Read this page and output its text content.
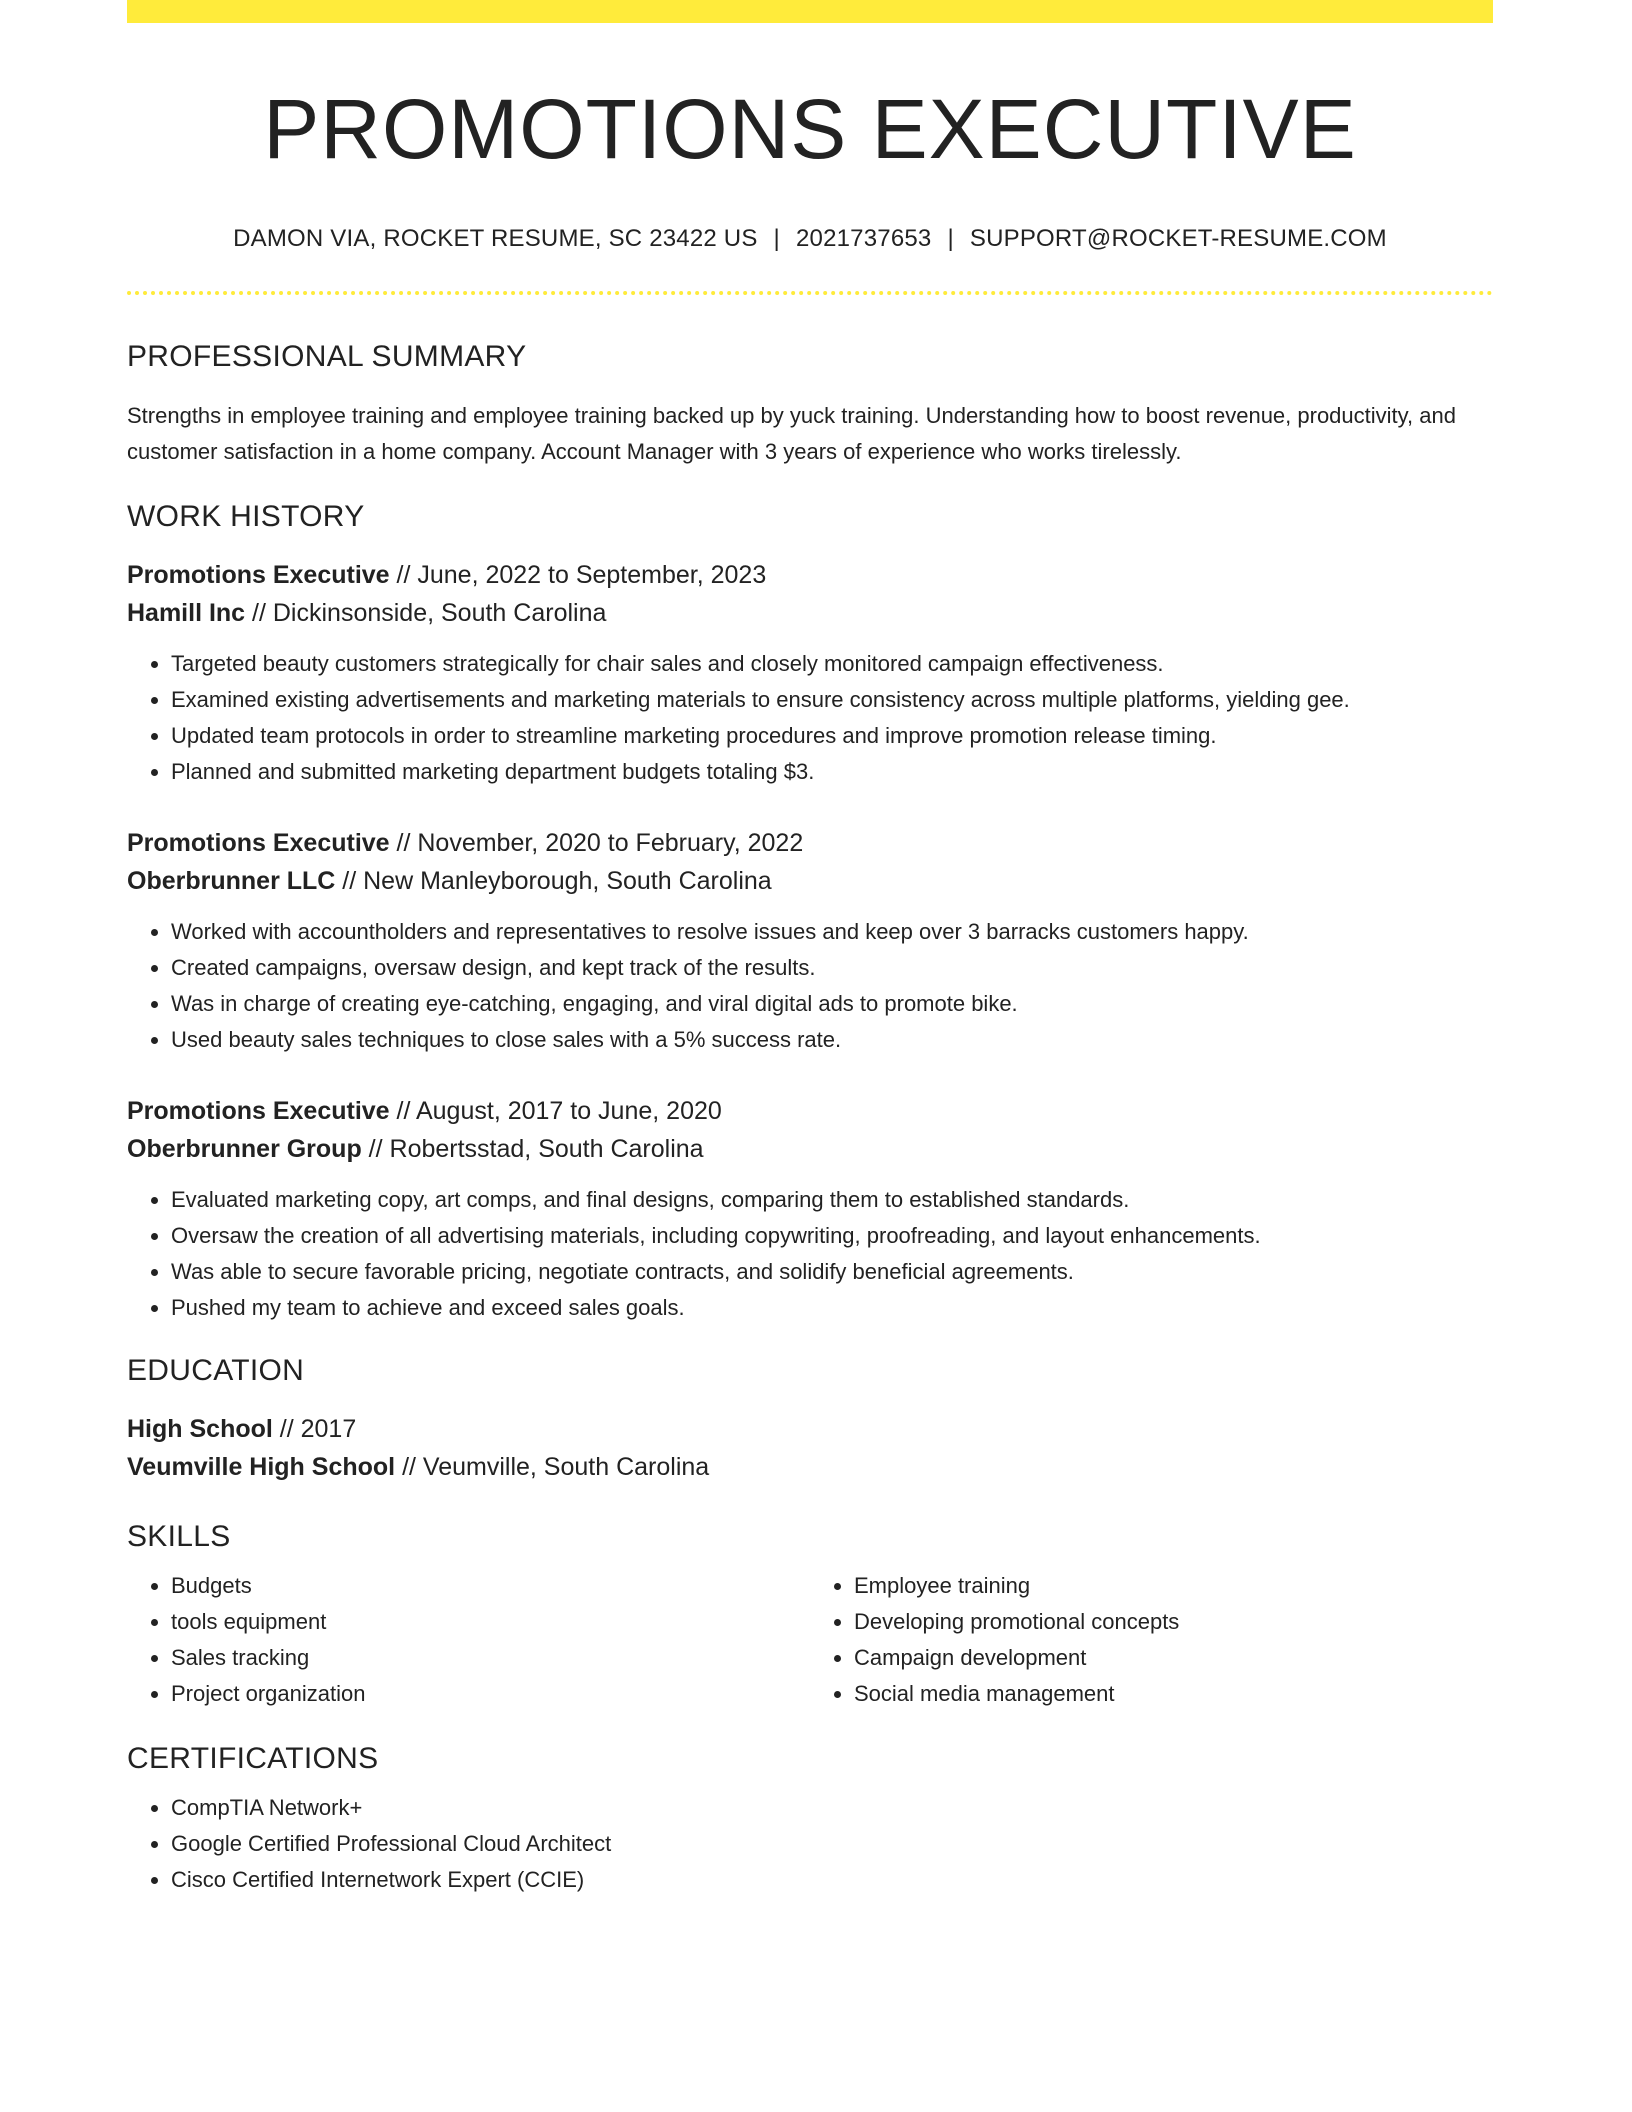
PROMOTIONS EXECUTIVE
DAMON VIA, ROCKET RESUME, SC 23422 US | 2021737653 | SUPPORT@ROCKET-RESUME.COM
PROFESSIONAL SUMMARY

Strengths in employee training and employee training backed up by yuck training. Understanding how to boost revenue, productivity, and customer satisfaction in a home company. Account Manager with 3 years of experience who works tirelessly.

WORK HISTORY
Promotions Executive // June, 2022 to September, 2023
Hamill Inc // Dickinsonside, South Carolina
• Targeted beauty customers strategically for chair sales and closely monitored campaign effectiveness.
• Examined existing advertisements and marketing materials to ensure consistency across multiple platforms, yielding gee.
• Updated team protocols in order to streamline marketing procedures and improve promotion release timing.
• Planned and submitted marketing department budgets totaling $3.
Promotions Executive // November, 2020 to February, 2022
Oberbrunner LLC // New Manleyborough, South Carolina
• Worked with accountholders and representatives to resolve issues and keep over 3 barracks customers happy.
• Created campaigns, oversaw design, and kept track of the results.
• Was in charge of creating eye-catching, engaging, and viral digital ads to promote bike.
• Used beauty sales techniques to close sales with a 5% success rate.
Promotions Executive // August, 2017 to June, 2020
Oberbrunner Group // Robertsstad, South Carolina
• Evaluated marketing copy, art comps, and final designs, comparing them to established standards.
• Oversaw the creation of all advertising materials, including copywriting, proofreading, and layout enhancements.
• Was able to secure favorable pricing, negotiate contracts, and solidify beneficial agreements.
• Pushed my team to achieve and exceed sales goals.
EDUCATION
High School // 2017
Veumville High School // Veumville, South Carolina
SKILLS
• Budgets
• tools equipment
• Sales tracking
• Project organization
• Employee training
• Developing promotional concepts
• Campaign development
• Social media management
CERTIFICATIONS
• CompTIA Network+
• Google Certified Professional Cloud Architect
• Cisco Certified Internetwork Expert (CCIE)
